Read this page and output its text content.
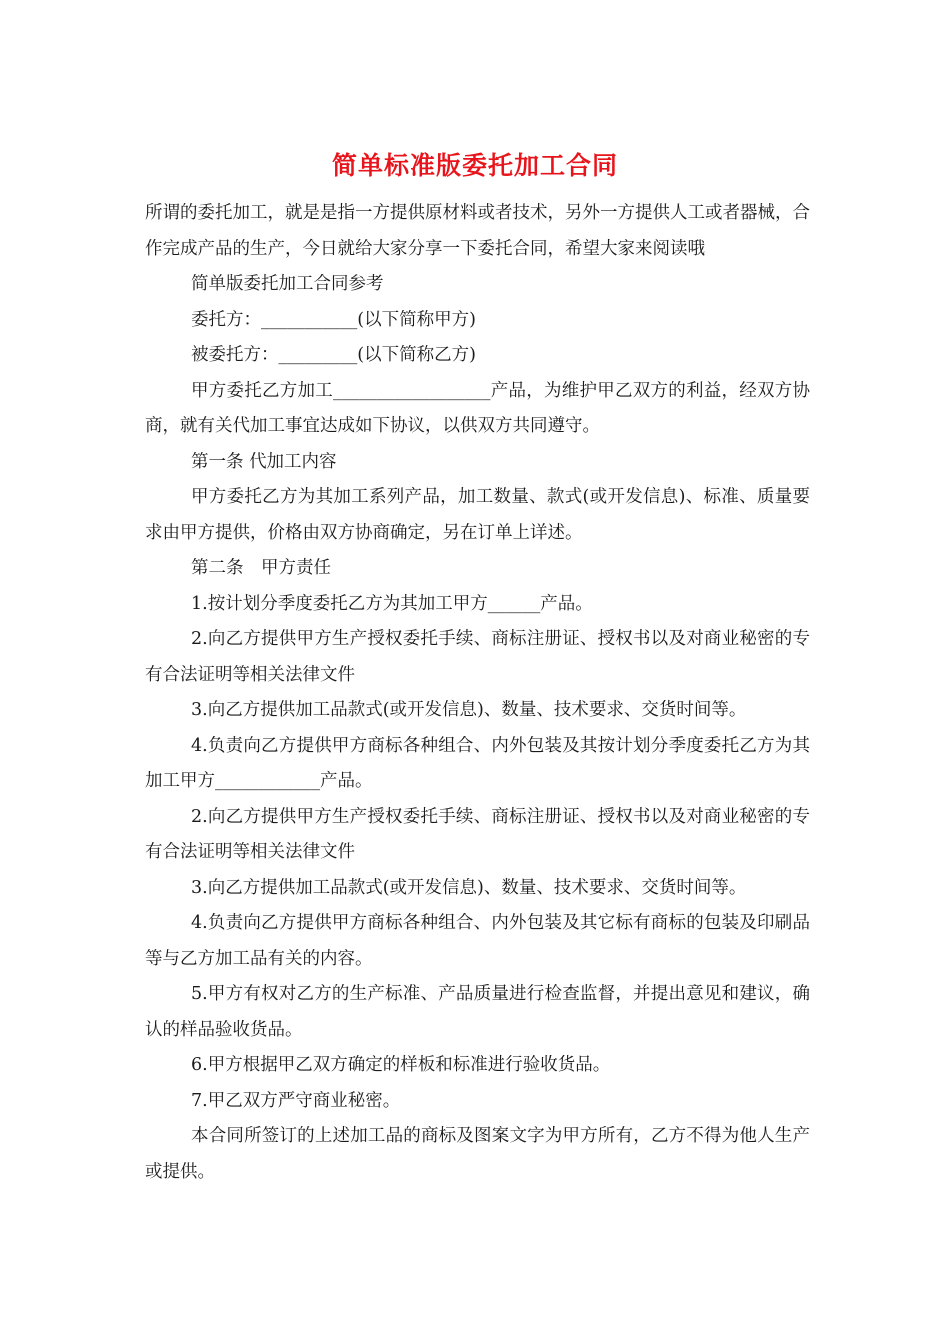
简单标准版委托加工合同

所谓的委托加工，就是是指一方提供原材料或者技术，另外一方提供人工或者器械，合作完成产品的生产，今日就给大家分享一下委托合同，希望大家来阅读哦

简单版委托加工合同参考

委托方：___________(以下简称甲方)

被委托方：_________(以下简称乙方)

甲方委托乙方加工__________________产品，为维护甲乙双方的利益，经双方协商，就有关代加工事宜达成如下协议，以供双方共同遵守。

第一条 代加工内容

甲方委托乙方为其加工系列产品，加工数量、款式(或开发信息)、标准、质量要求由甲方提供，价格由双方协商确定，另在订单上详述。

第二条　甲方责任

1.按计划分季度委托乙方为其加工甲方______产品。

2.向乙方提供甲方生产授权委托手续、商标注册证、授权书以及对商业秘密的专有合法证明等相关法律文件

3.向乙方提供加工品款式(或开发信息)、数量、技术要求、交货时间等。

4.负责向乙方提供甲方商标各种组合、内外包装及其按计划分季度委托乙方为其加工甲方____________产品。

2.向乙方提供甲方生产授权委托手续、商标注册证、授权书以及对商业秘密的专有合法证明等相关法律文件

3.向乙方提供加工品款式(或开发信息)、数量、技术要求、交货时间等。

4.负责向乙方提供甲方商标各种组合、内外包装及其它标有商标的包装及印刷品等与乙方加工品有关的内容。

5.甲方有权对乙方的生产标准、产品质量进行检查监督，并提出意见和建议，确认的样品验收货品。

6.甲方根据甲乙双方确定的样板和标准进行验收货品。

7.甲乙双方严守商业秘密。

本合同所签订的上述加工品的商标及图案文字为甲方所有，乙方不得为他人生产或提供。
